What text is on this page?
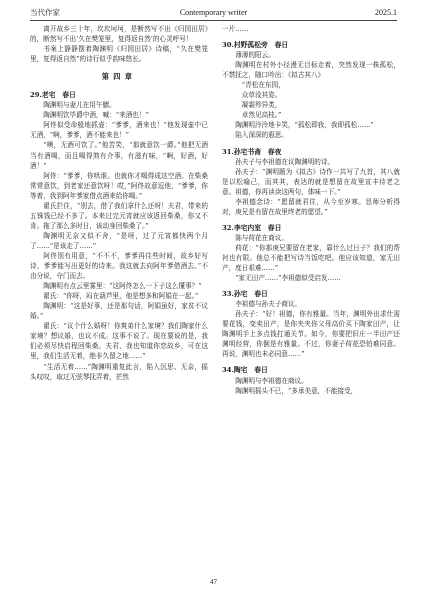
当代作家	Contemporary writer	2025.1

离开故乡三十年，坎坎坷坷，是断然写不出《归园田居》的，断然写不出‘久在樊笼里，复得返自然’的心灵呼号！

书案上静静摆着陶渊明《归园田居》诗稿，“久在樊笼里，复得返自然”的诗行似乎韵味悠长。

第四章

29.老宅　春日

陶渊明与妻儿在用午膳。

陶渊明饮毕爵中酒，喊：“来酒也！”

阿佟似受命般地抓壶：“爹爹，酒来也！”他发现壶中已无酒，“啊，爹爹，酒不能来也！”

“噢，无酒可饮了。”他苦笑，“那就意饮一爵。”他把无酒当有酒喝，而且喝得煞有介事，有滋有味，“啊，好酒，好酒！”

阿佟：“爹爹，你哄谁。也就你才喝得成这空酒。在柴桑常常意饮，到老家还意饮呀！哎，”阿佟故意逗他，“爹爹，你等着，我到阿年爹家借点酒来给你喝。”

翟氏拦住，“别去，借了我们拿什么还呀！夫君，带来的五铢钱已经不多了。本来过完元宵就应该返回柴桑，你又不肯。拖了那么多时日，该动身回柴桑了。”

陶渊明无奈又似不舍，“是呀，过了元宵都快两个月了……”是该走了……”

阿佟别有用意，“不不不，爹爹再住些时间，故乡好写诗，爹爹能写出更好的诗来。我这就去向阿年爹借酒去。”不由分说，夺门而去。

陶渊明有点云里雾里：“这阿佟怎么一下子这么懂事？”

翟氏：“你呀，闷在葫芦里，他是想多和阿娟在一起。”

陶渊明：“这是好事，还是那句话，阿娟虽好，家贫不议婚。”

翟氏：“议个什么婚呀！你爽弟什么家境？我们陶家什么家境？想议婚，也议不成。这事不说了。现在要说的是，我们必须尽快启程回柴桑。夫君，我也知道你恋故乡，可在这里，我们生活无着，绝非久留之地……”

“生活无着……”陶渊明重复此言，陷入沉思、无奈，摇头叹叹，取过无弦琴抚弄着，茫然

一片……

30.村野孤松旁　春日

薄薄的阳云。

陶渊明在村外小径漫无目标走着，突然发现一株孤松，不禁抚之，随口吟出：《拟古其八》

“青松在东园，

众草没其姿。

凝霜殄异类，

卓然见高枝。”

陶渊明泠泠地卡笑，“孤松即我，我即孤松……”

陷入深深的遐思。

31.孙宅书斋　春夜

孙夫子与李祖德在议陶渊明的诗。

孙夫子：“渊明题为《拟古》诗作一共写了九首，其八就是以松喻己，而其其，表达的就是想留在故里宣丰待老之意。祖德，你再读读这两句，体味一下。”

李祖德念诗：“愿留就君住，从今至岁寒。恳师分析得对，庚兄是有留在故里终老的愿望。”

32.李宅内室　春日

陈与荷花在商议。

荷花：“你那庚兄要留在老家，靠什么过日子？我们的帮衬也有限。他总不能把写诗当饭吃吧。他应该知道，家无田产，度日艰难……”

“家无田产……”李祖德似受启发……

33.孙宅　春日

李祖德与孙夫子商议。

孙夫子：“好！祖德，你有雅量。当年，渊明外出求仕需要花钱，变卖田产，是你夹夹你父母高价买下陶家田产，让陶渊明手上多点钱打通关节。如今，你要把旧庄一半田产还渊明经营，你倒是有雅量。不过，你妻子荷花恐怕难同意。再说，渊明也未必同意……”

34.陶宅　春日

陶渊明与李祖德在商议。

陶渊明摇头不已，“多承美意，不能接受，

47
